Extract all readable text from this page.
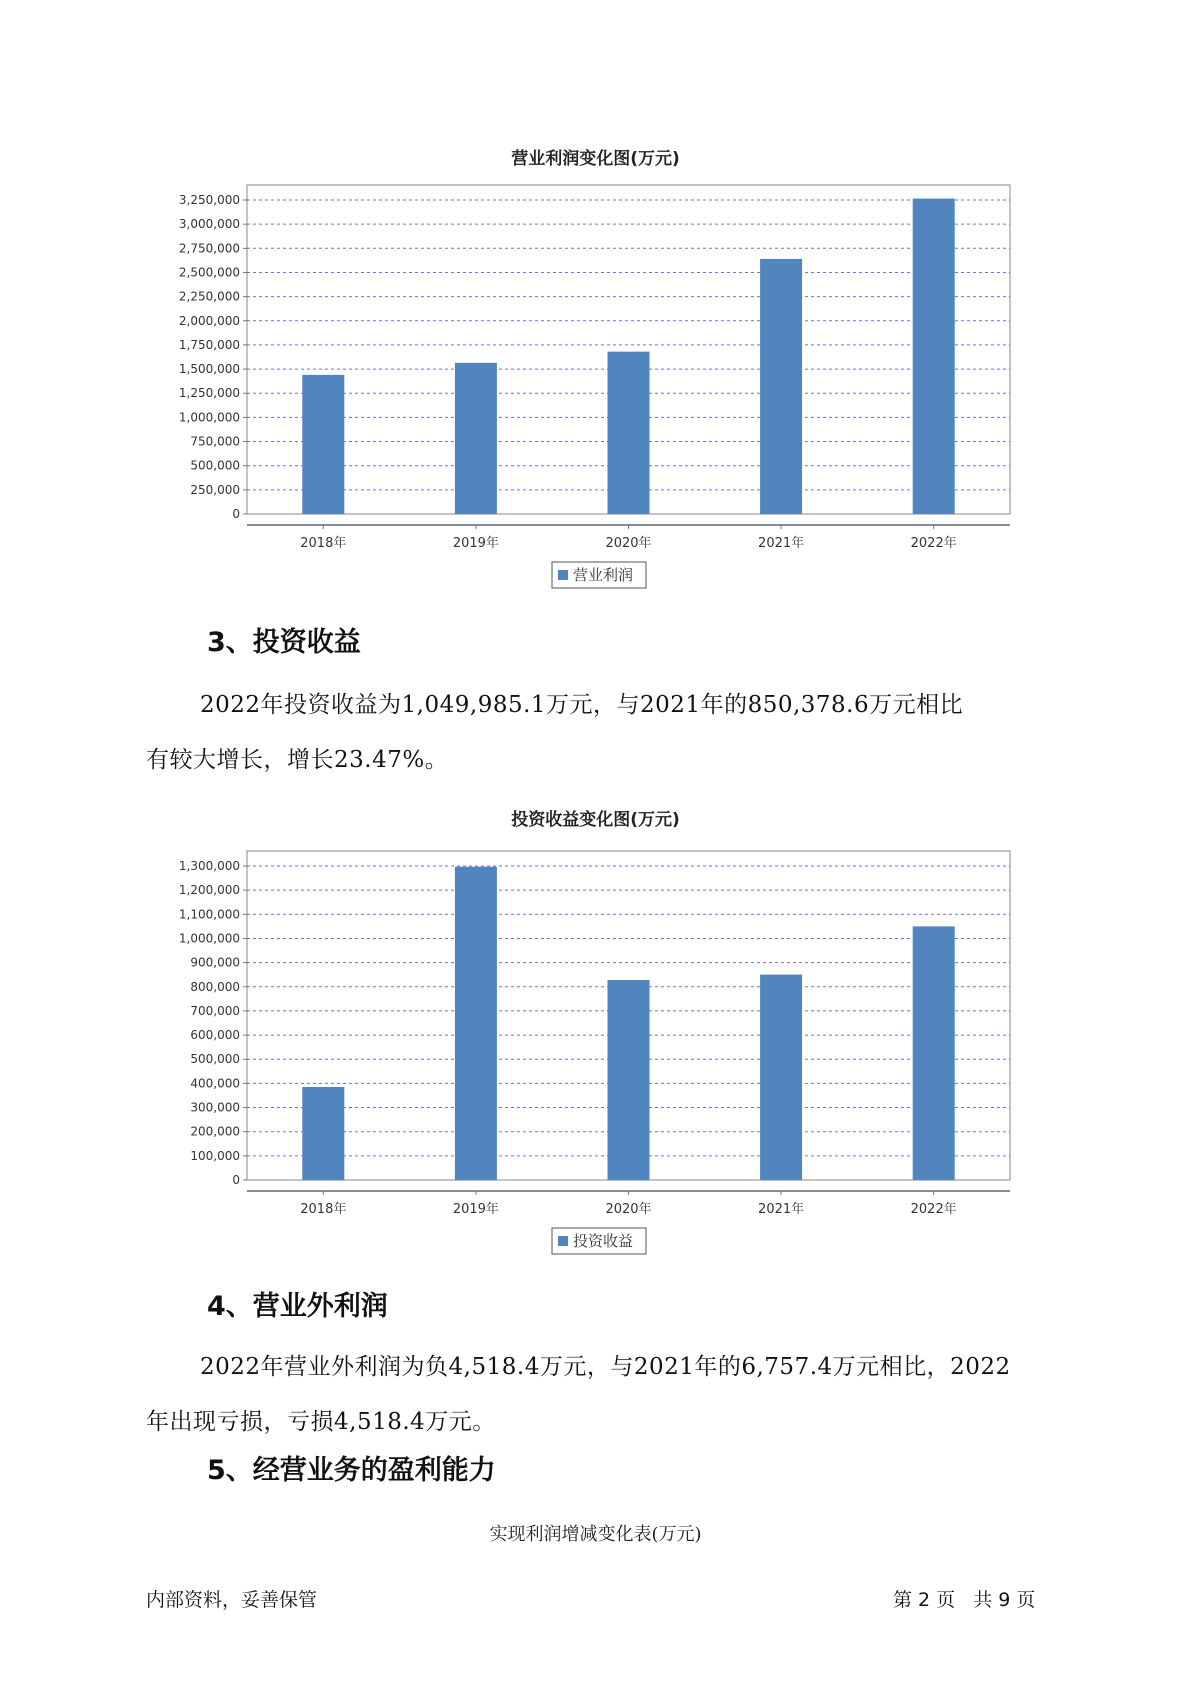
营业利润变化图(万元)
0
250,000
500,000
750,000
1,000,000
1,250,000
1,500,000
1,750,000
2,000,000
2,250,000
2,500,000
2,750,000
3,000,000
3,250,000
2018年	2019年	2020年	2021年	2022年
营业利润
3、投资收益
2022年投资收益为1,049,985.1万元，与2021年的850,378.6万元相比
有较大增长，增长23.47%。
投资收益变化图(万元)
0
100,000
200,000
300,000
400,000
500,000
600,000
700,000
800,000
900,000
1,000,000
1,100,000
1,200,000
1,300,000
2018年	2019年	2020年	2021年	2022年
投资收益
4、营业外利润
2022年营业外利润为负4,518.4万元，与2021年的6,757.4万元相比，2022
年出现亏损，亏损4,518.4万元。
5、经营业务的盈利能力
实现利润增减变化表(万元)
内部资料，妥善保管	第 2 页 共 9 页
